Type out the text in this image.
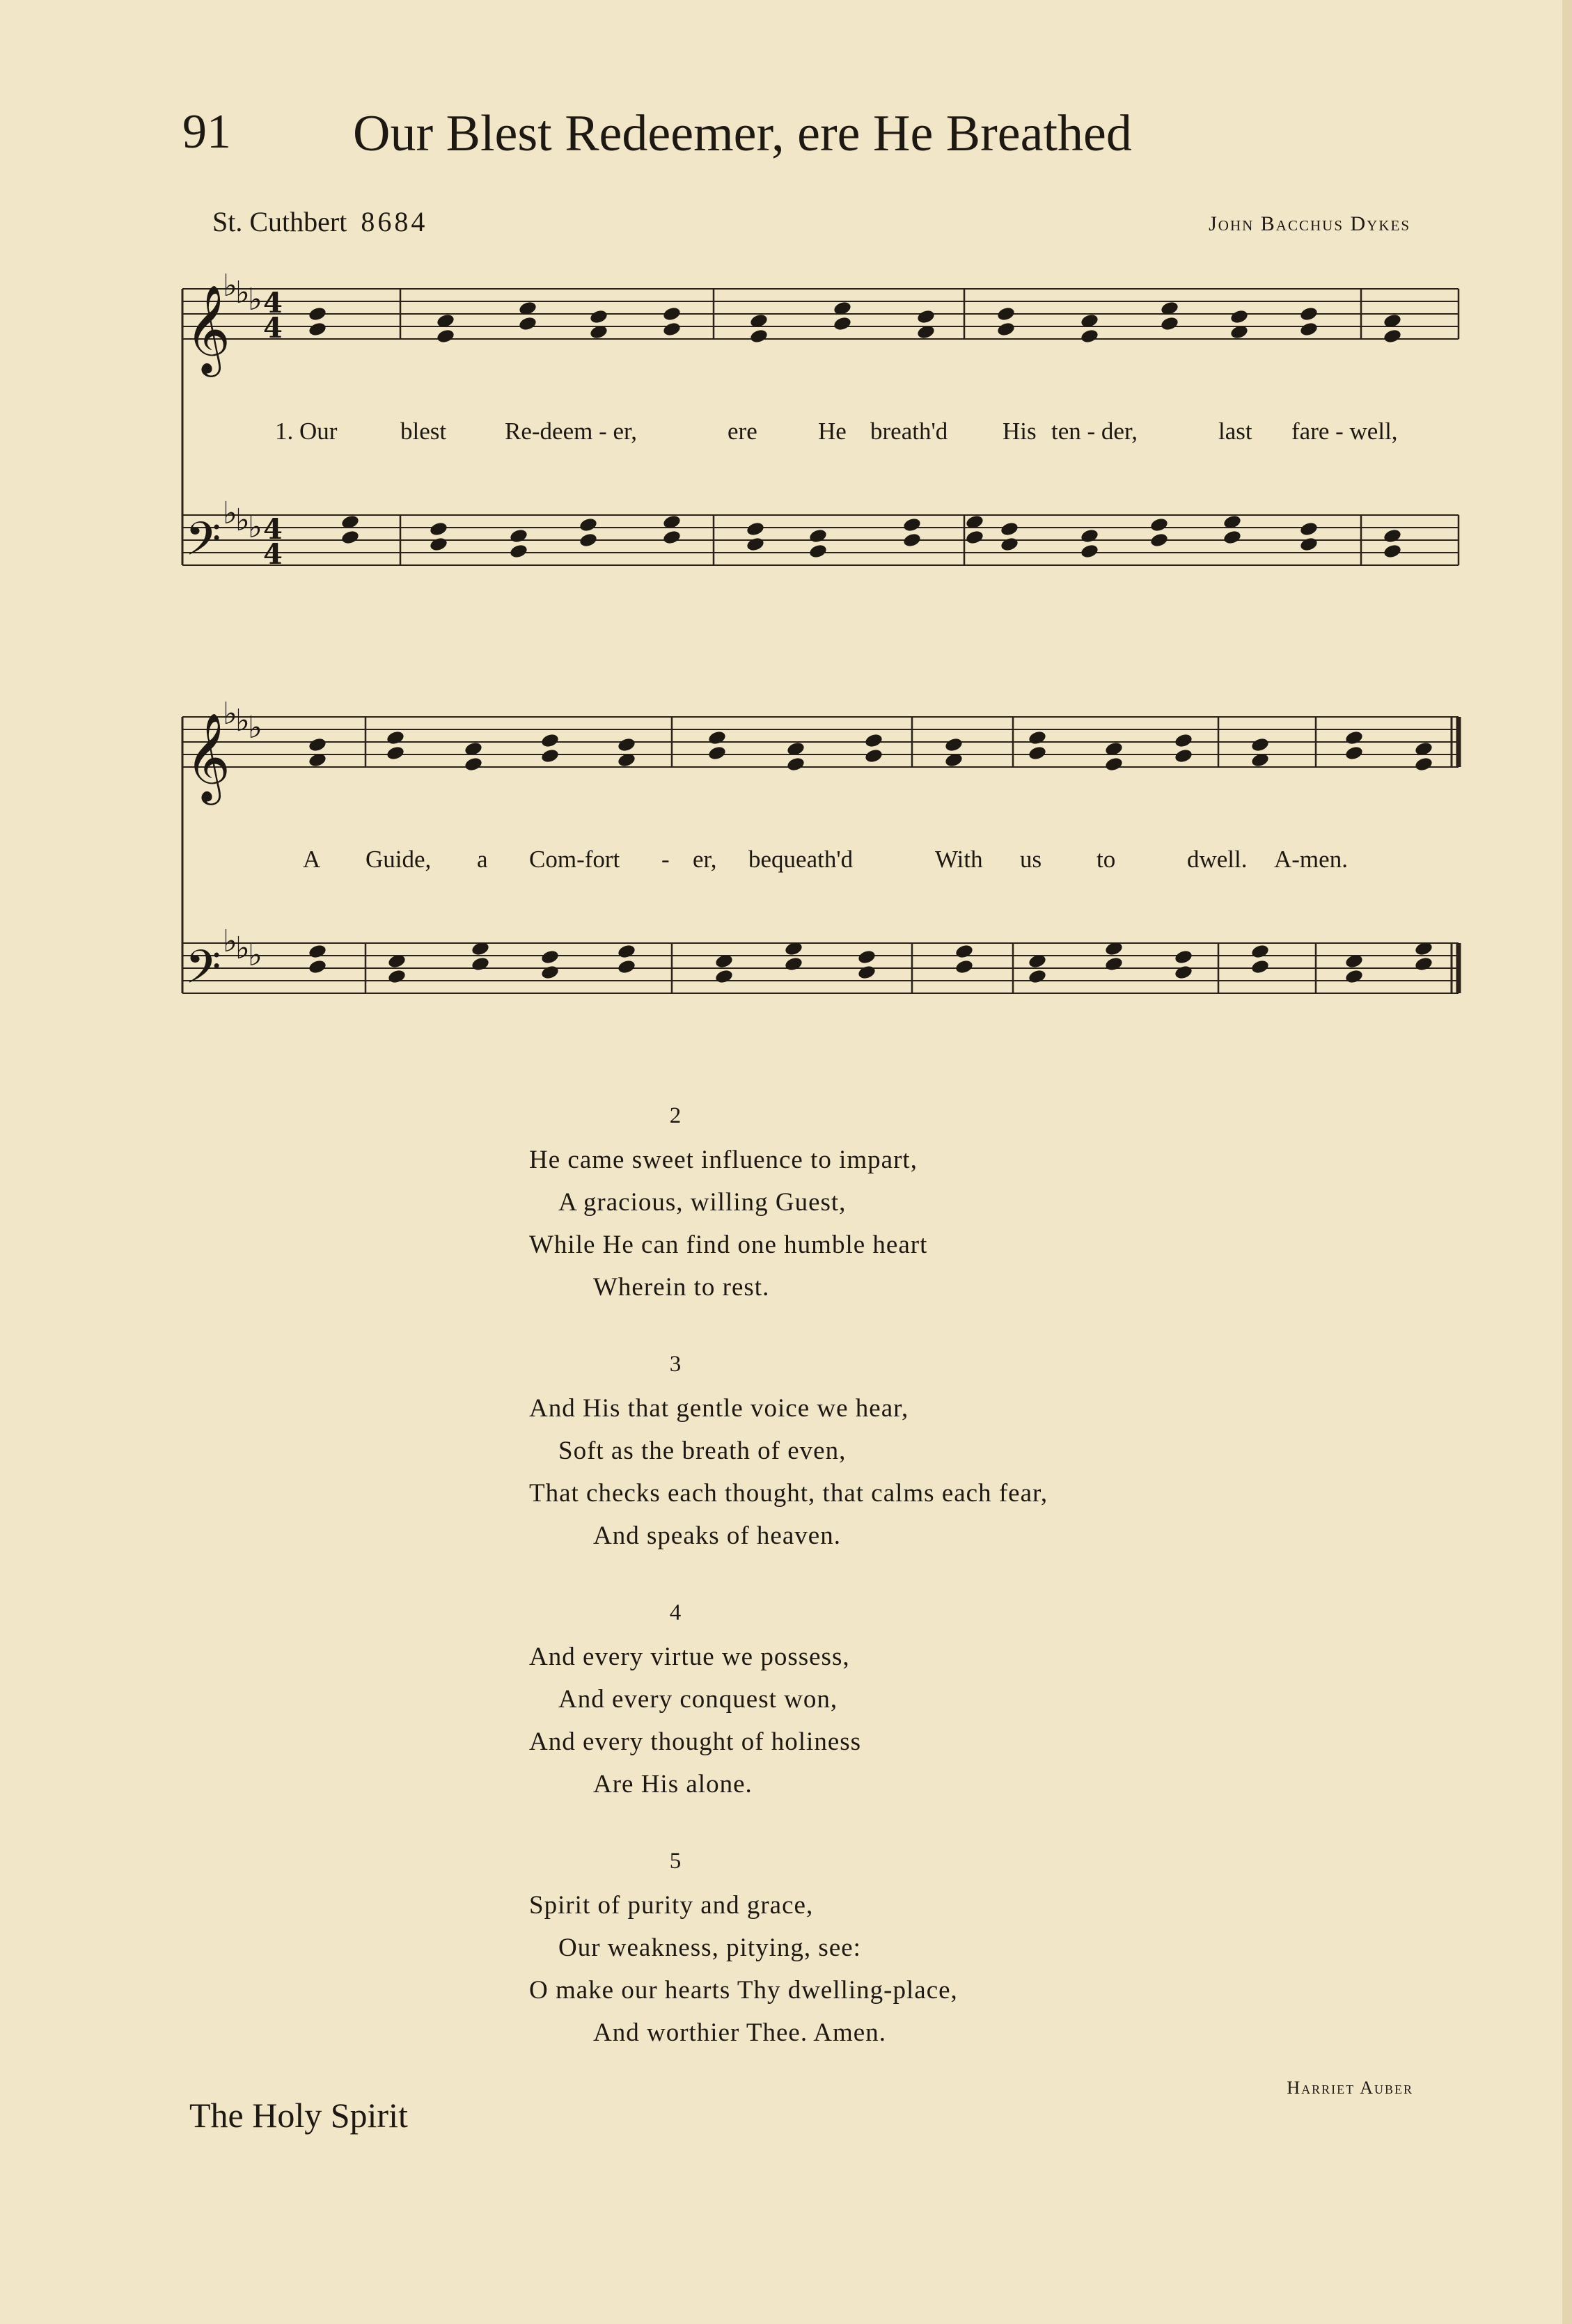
91 Our Blest Redeemer, ere He Breathed
St. Cuthbert 8684	John Bacchus Dykes
𝄞
♭
♭
♭ 4
4
𝄢 ♭
♭
♭ 4
4
𝄞
♭
♭
♭
𝄢 ♭
♭
♭
1. Our	blest Re-deem - er,	ere He breath'd His ten - der,	last fare - well,
A Guide, a Com-fort - er, bequeath'd	With us to	dwell. A-men.
2
He came sweet influence to impart,
A gracious, willing Guest,
While He can find one humble heart
Wherein to rest.
3
And His that gentle voice we hear,
Soft as the breath of even,
That checks each thought, that calms each fear,
And speaks of heaven.
4
And every virtue we possess,
And every conquest won,
And every thought of holiness
Are His alone.
5
Spirit of purity and grace,
Our weakness, pitying, see:
O make our hearts Thy dwelling-place,
And worthier Thee. Amen.
Harriet Auber
The Holy Spirit
